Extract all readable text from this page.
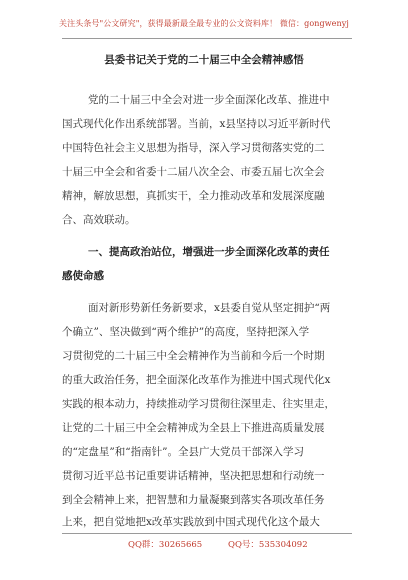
关注头条号"公文研究"，获得最新最全最专业的公文资料库！ 微信：gongwenyj
县委书记关于党的二十届三中全会精神感悟
党的二十届三中全会对进一步全面深化改革、推进中
国式现代化作出系统部署。当前，x县坚持以习近平新时代
中国特色社会主义思想为指导，深入学习贯彻落实党的二
十届三中全会和省委十二届八次全会、市委五届七次全会
精神，解放思想，真抓实干，全力推动改革和发展深度融
合、高效联动。
一、提高政治站位，增强进一步全面深化改革的责任
感使命感
面对新形势新任务新要求，x县委自觉从坚定拥护“两
个确立”、坚决做到“两个维护”的高度，坚持把深入学
习贯彻党的二十届三中全会精神作为当前和今后一个时期
的重大政治任务，把全面深化改革作为推进中国式现代化x
实践的根本动力，持续推动学习贯彻往深里走、往实里走，
让党的二十届三中全会精神成为全县上下推进高质量发展
的“定盘星”和“指南针”。全县广大党员干部深入学习
贯彻习近平总书记重要讲话精神，坚决把思想和行动统一
到全会精神上来，把智慧和力量凝聚到落实各项改革任务
上来，把自觉地把x改革实践放到中国式现代化这个最大
QQ群：30265665	QQ号：535304092
